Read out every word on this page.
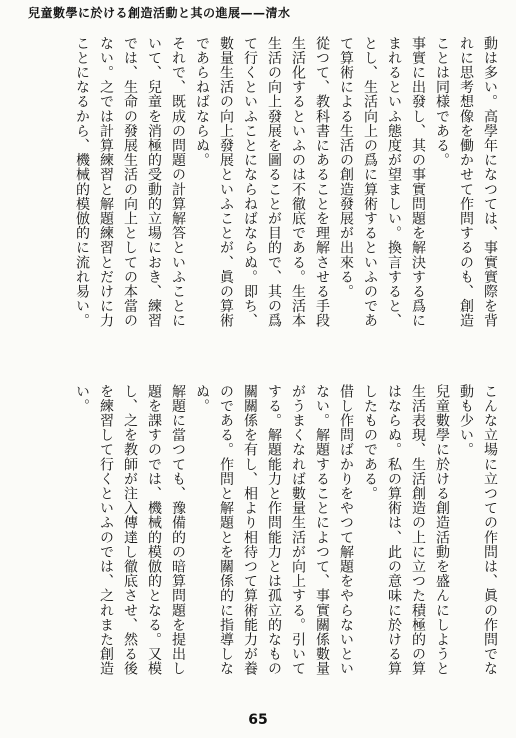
兒童數學に於ける創造活動と其の進展——清水
動は多い。高學年になつては、事實實際を背
れに思考想像を働かせて作問するのも、創造
ことは同様である。
事實に出發し、其の事實問題を解決する爲に
まれるといふ態度が望ましい。換言すると、
とし、生活向上の爲に算術するといふのであ
て算術による生活の創造發展が出來る。
從つて、教科書にあることを理解させる手段
生活化するといふのは不徹底である。生活本
生活の向上發展を圖ることが目的で、其の爲
て行くといふことにならねばならぬ。即ち、
數量生活の向上發展といふことが、眞の算術
であらねばならぬ。
それで、既成の問題の計算解答といふことに
いて、兒童を消極的受動的立場におき、練習
では、生命の發展生活の向上としての本當の
ない。之では計算練習と解題練習とだけに力
ことになるから、機械的模倣的に流れ易い。
こんな立場に立つての作問は、眞の作問でな
動も少い。
兒童數學に於ける創造活動を盛んにしようと
生活表現、生活創造の上に立つた積極的の算
はならぬ。私の算術は、此の意味に於ける算
したものである。
借し作問ばかりをやつて解題をやらないとい
ない。解題することによつて、事實關係數量
がうまくなれば數量生活が向上する。引いて
する。解題能力と作問能力とは孤立的なもの
關關係を有し、相より相待つて算術能力が養
のである。作問と解題とを關係的に指導しな
ぬ。
解題に當つても、豫備的の暗算問題を提出し
題を課すのでは、機械的模倣的となる。又模
し、之を教師が注入傳達し徹底させ、然る後
を練習して行くといふのでは、之れまた創造
い。
65
